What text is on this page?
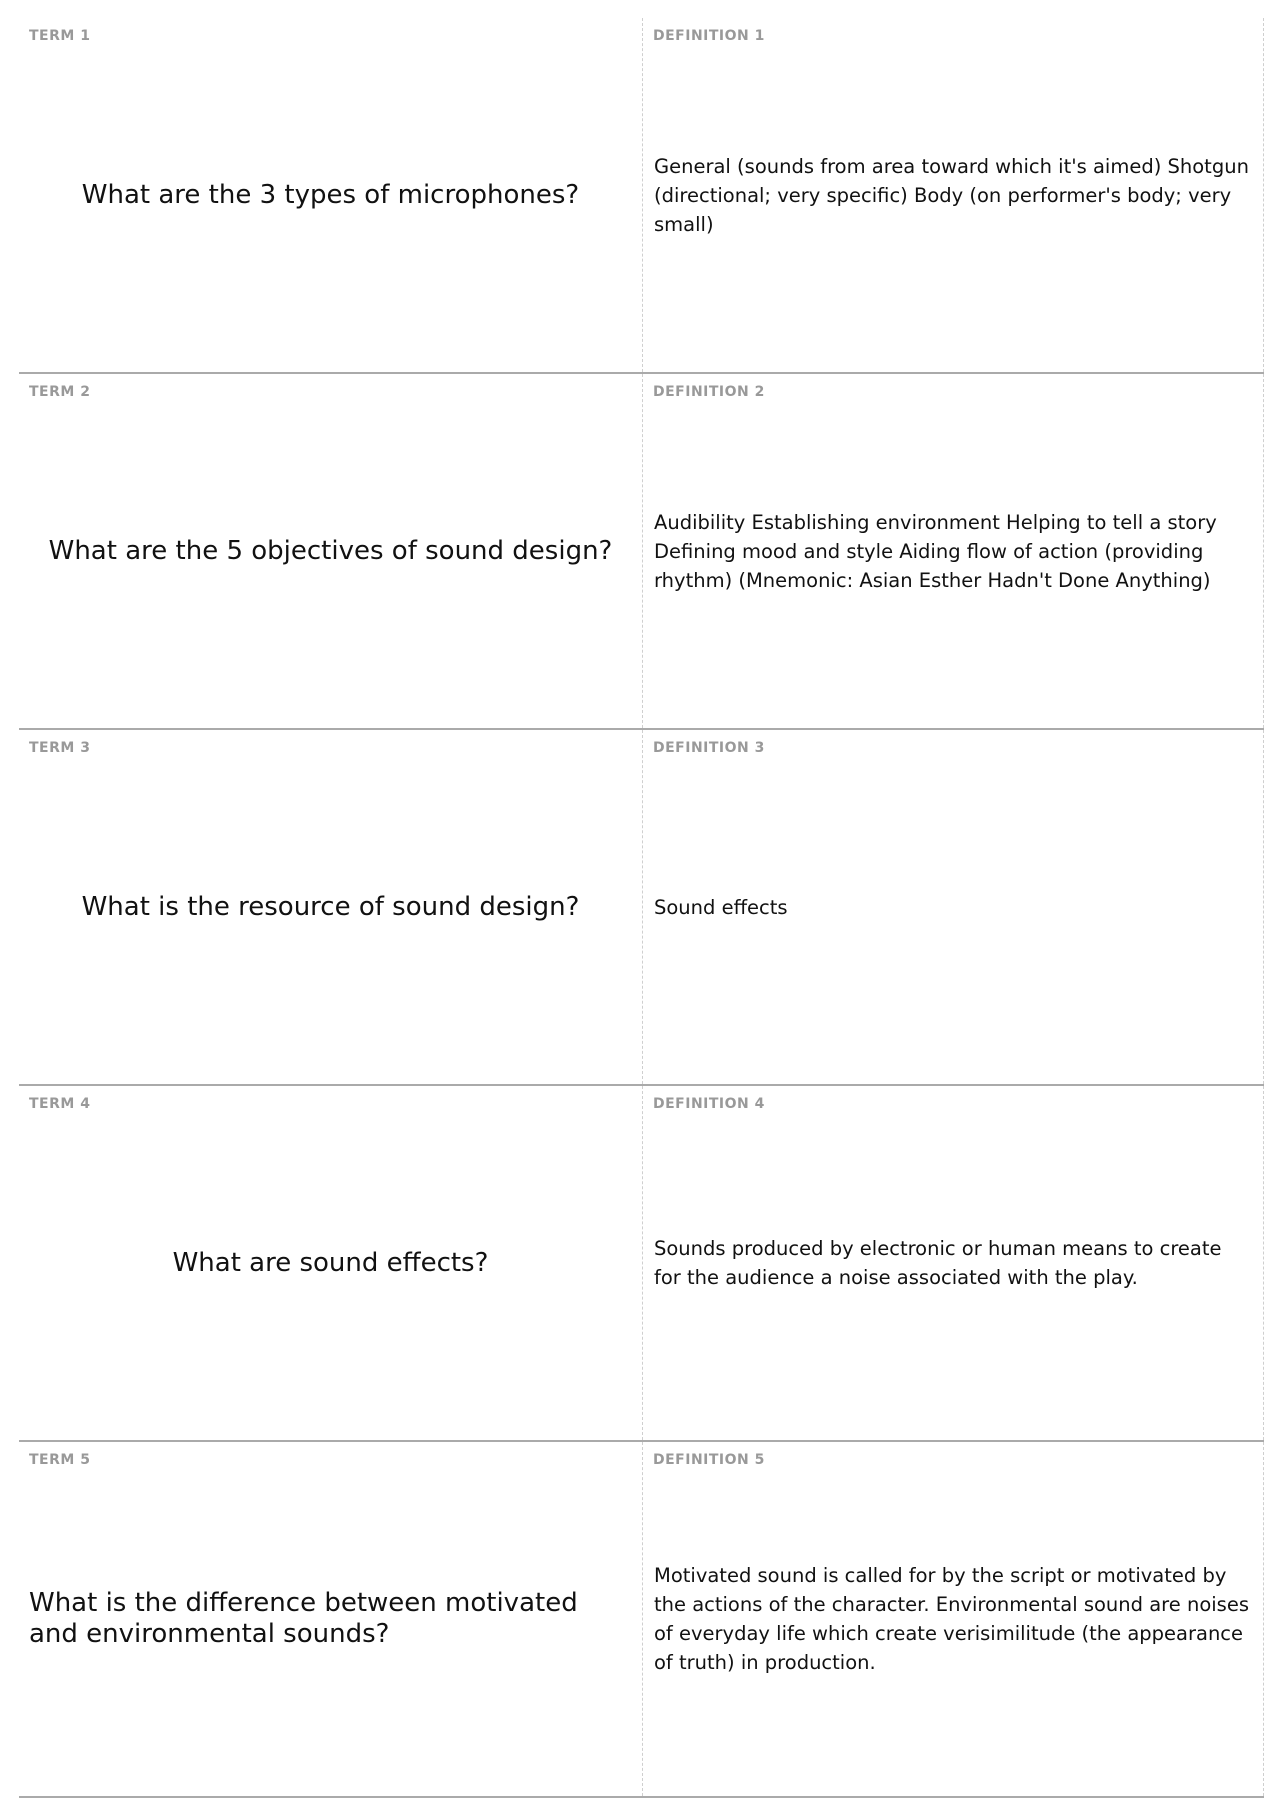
TERM 1
What are the 3 types of microphones?
DEFINITION 1
General (sounds from area toward which it's aimed) Shotgun (directional; very specific) Body (on performer's body; very small)
TERM 2
What are the 5 objectives of sound design?
DEFINITION 2
Audibility Establishing environment Helping to tell a story Defining mood and style Aiding flow of action (providing rhythm) (Mnemonic: Asian Esther Hadn't Done Anything)
TERM 3
What is the resource of sound design?
DEFINITION 3
Sound effects
TERM 4
What are sound effects?
DEFINITION 4
Sounds produced by electronic or human means to create for the audience a noise associated with the play.
TERM 5
What is the difference between motivated and environmental sounds?
DEFINITION 5
Motivated sound is called for by the script or motivated by the actions of the character. Environmental sound are noises of everyday life which create verisimilitude (the appearance of truth) in production.
